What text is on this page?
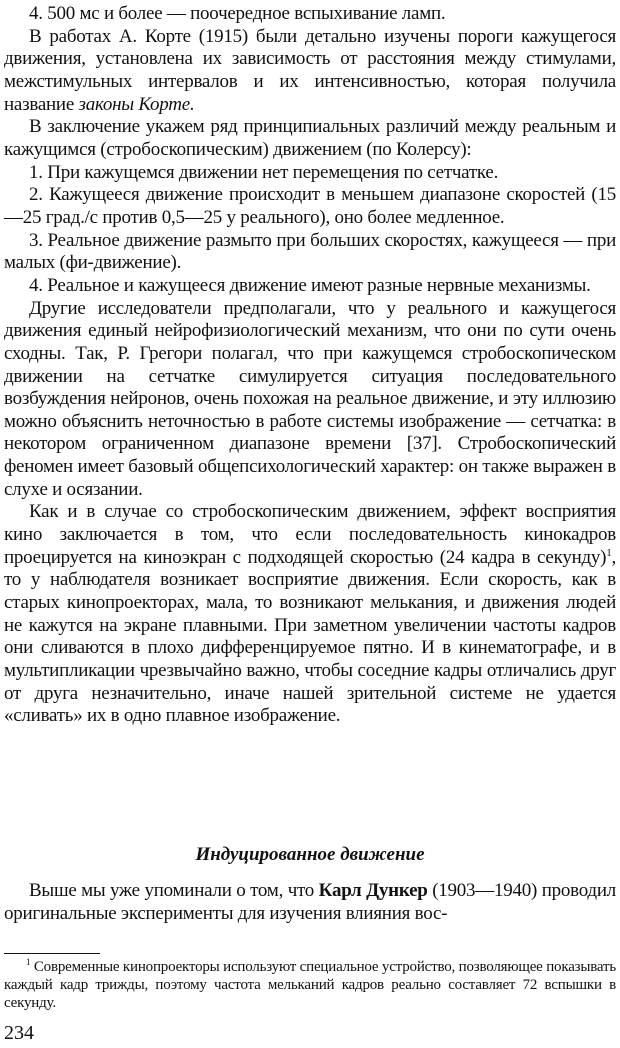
4. 500 мс и более — поочередное вспыхивание ламп.

В работах А. Корте (1915) были детально изучены пороги кажущегося движения, установлена их зависимость от расстояния между стимулами, межстимульных интервалов и их интенсивностью, которая получила название законы Корте.

В заключение укажем ряд принципиальных различий между реальным и кажущимся (стробоскопическим) движением (по Колерсу):

1. При кажущемся движении нет перемещения по сетчатке.

2. Кажущееся движение происходит в меньшем диапазоне скоростей (15—25 град./с против 0,5—25 у реального), оно более медленное.

3. Реальное движение размыто при больших скоростях, кажущееся — при малых (фи-движение).

4. Реальное и кажущееся движение имеют разные нервные механизмы.

Другие исследователи предполагали, что у реального и кажущегося движения единый нейрофизиологический механизм, что они по сути очень сходны. Так, Р. Грегори полагал, что при кажущемся стробоскопическом движении на сетчатке симулируется ситуация последовательного возбуждения нейронов, очень похожая на реальное движение, и эту иллюзию можно объяснить неточностью в работе системы изображение — сетчатка: в некотором ограниченном диапазоне времени [37]. Стробоскопический феномен имеет базовый общепсихологический характер: он также выражен в слухе и осязании.

Как и в случае со стробоскопическим движением, эффект восприятия кино заключается в том, что если последовательность кинокадров проецируется на киноэкран с подходящей скоростью (24 кадра в секунду)$^1$, то у наблюдателя возникает восприятие движения. Если скорость, как в старых кинопроекторах, мала, то возникают мелькания, и движения людей не кажутся на экране плавными. При заметном увеличении частоты кадров они сливаются в плохо дифференцируемое пятно. И в кинематографе, и в мультипликации чрезвычайно важно, чтобы соседние кадры отличались друг от друга незначительно, иначе нашей зрительной системе не удается «сливать» их в одно плавное изображение.

Индуцированное движение

Выше мы уже упоминали о том, что Карл Дункер (1903—1940) проводил оригинальные эксперименты для изучения влияния вос-

$^1$ Современные кинопроекторы используют специальное устройство, позволяющее показывать каждый кадр трижды, поэтому частота мельканий кадров реально составляет 72 вспышки в секунду.
234
